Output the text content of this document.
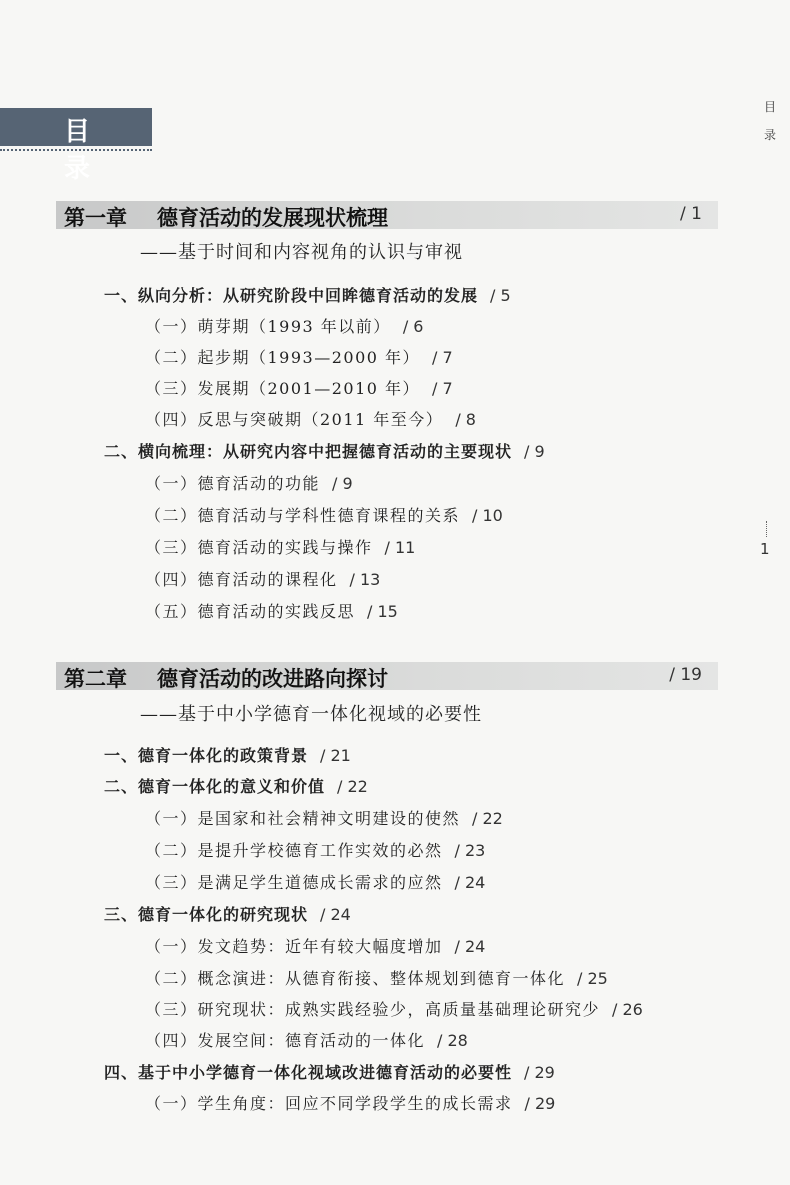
目 录
目录
1
第一章 德育活动的发展现状梳理	/ 1
——基于时间和内容视角的认识与审视
一、纵向分析：从研究阶段中回眸德育活动的发展 / 5
（一）萌芽期（1993 年以前） / 6
（二）起步期（1993—2000 年） / 7
（三）发展期（2001—2010 年） / 7
（四）反思与突破期（2011 年至今） / 8
二、横向梳理：从研究内容中把握德育活动的主要现状 / 9
（一）德育活动的功能 / 9
（二）德育活动与学科性德育课程的关系 / 10
（三）德育活动的实践与操作 / 11
（四）德育活动的课程化 / 13
（五）德育活动的实践反思 / 15
第二章 德育活动的改进路向探讨	/ 19
——基于中小学德育一体化视域的必要性
一、德育一体化的政策背景 / 21
二、德育一体化的意义和价值 / 22
（一）是国家和社会精神文明建设的使然 / 22
（二）是提升学校德育工作实效的必然 / 23
（三）是满足学生道德成长需求的应然 / 24
三、德育一体化的研究现状 / 24
（一）发文趋势：近年有较大幅度增加 / 24
（二）概念演进：从德育衔接、整体规划到德育一体化 / 25
（三）研究现状：成熟实践经验少，高质量基础理论研究少 / 26
（四）发展空间：德育活动的一体化 / 28
四、基于中小学德育一体化视域改进德育活动的必要性 / 29
（一）学生角度：回应不同学段学生的成长需求 / 29
